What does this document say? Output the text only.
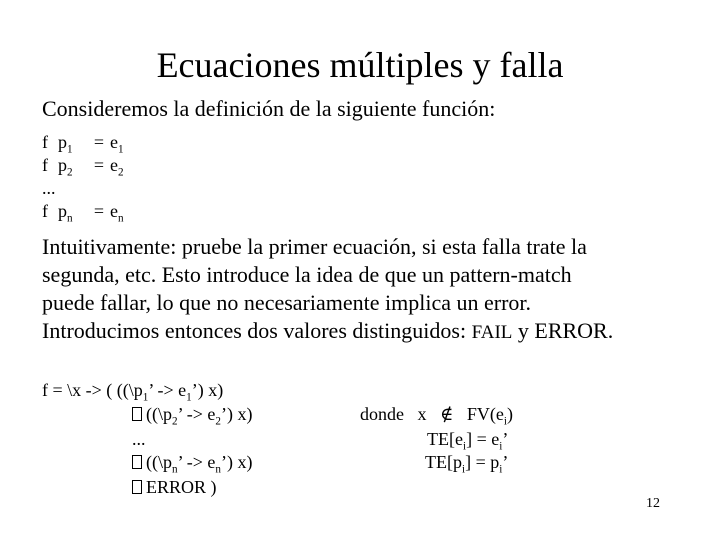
Ecuaciones múltiples y falla
Consideremos la definición de la siguiente función:
f $p_1 = e_1$
f $p_2 = e_2$
...
f $p_n = e_n$
Intuitivamente: pruebe la primer ecuación, si esta falla trate la
segunda, etc. Esto introduce la idea de que un pattern-match
puede fallar, lo que no necesariamente implica un error.
Introducimos entonces dos valores distinguidos: FAIL y ERROR.
f = \x -> ( (($\backslash p_1$’ -> $e_1$’) x)
(($\backslash p_2$’ -> $e_2$’) x)
...
(($\backslash p_n$’ -> $e_n$’) x)
ERROR )
donde   x   ∉   $FV(e_i)$
$TE[e_i] = e_i$’
$TE[p_i] = p_i$’
12
